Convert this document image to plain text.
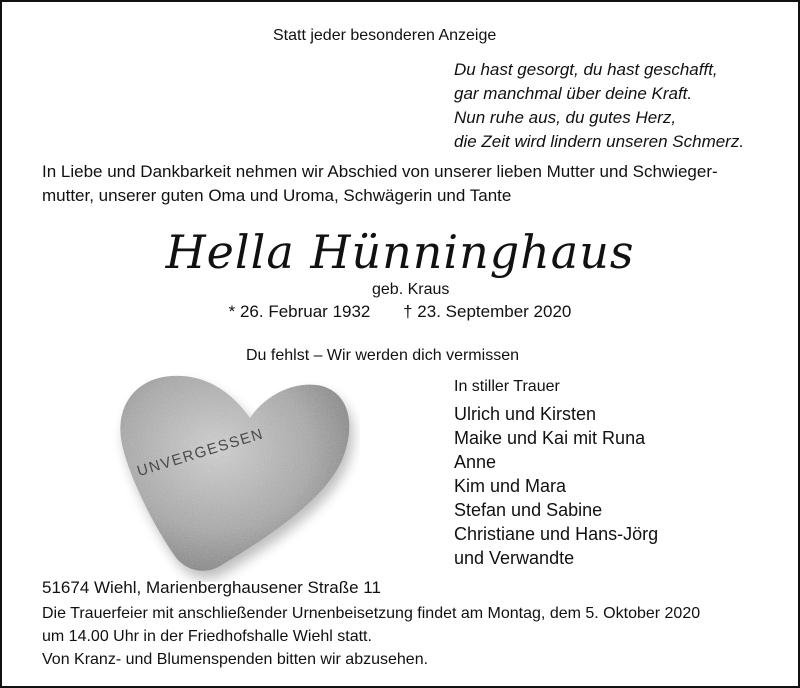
Statt jeder besonderen Anzeige

Du hast gesorgt, du hast geschafft,
gar manchmal über deine Kraft.
Nun ruhe aus, du gutes Herz,
die Zeit wird lindern unseren Schmerz.

In Liebe und Dankbarkeit nehmen wir Abschied von unserer lieben Mutter und Schwieger-

mutter, unserer guten Oma und Uroma, Schwägerin und Tante

Hella Hünninghaus

geb. Kraus

* 26. Februar 1932 † 23. September 2020

Du fehlst – Wir werden dich vermissen

UNVERGESSEN
In stiller Trauer
Ulrich und Kirsten
Maike und Kai mit Runa
Anne
Kim und Mara
Stefan und Sabine
Christiane und Hans-Jörg
und Verwandte

51674 Wiehl, Marienberghausener Straße 11

Die Trauerfeier mit anschließender Urnenbeisetzung findet am Montag, dem 5. Oktober 2020

um 14.00 Uhr in der Friedhofshalle Wiehl statt.

Von Kranz- und Blumenspenden bitten wir abzusehen.
